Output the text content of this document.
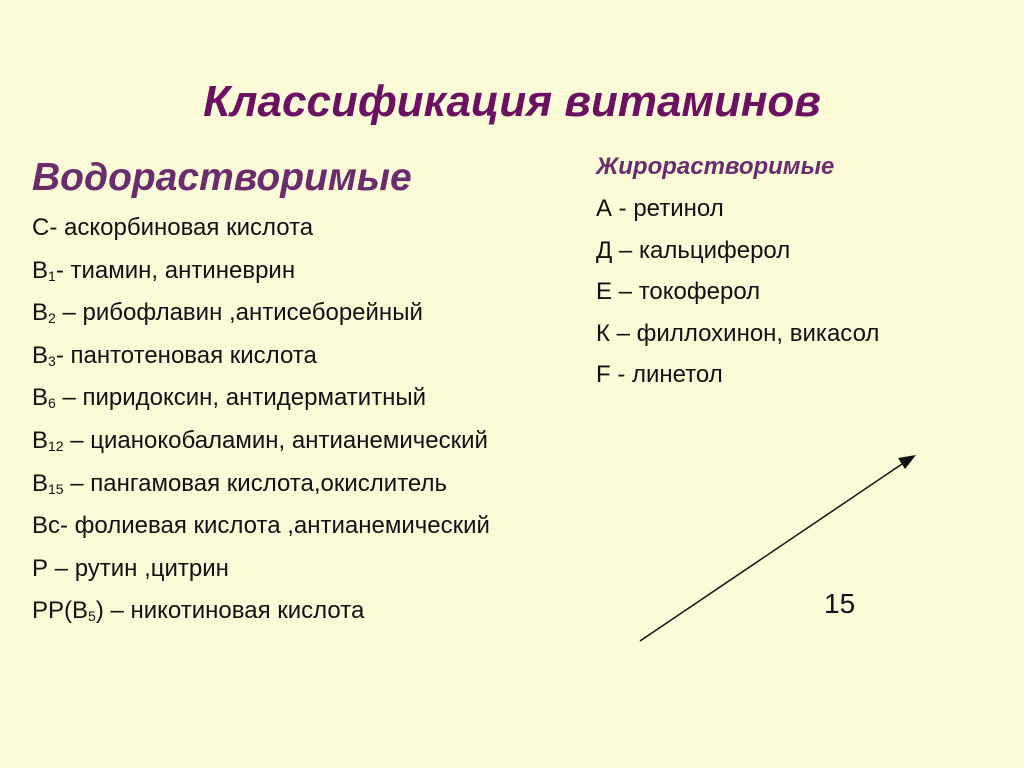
Классификация витаминов
Водорастворимые
C- аскорбиновая кислота
$B_1-$ тиамин, антиневрин
$B_2$ – рибофлавин ,антисеборейный
$B_3-$ пантотеновая кислота
$B_6$ – пиридоксин, антидерматитный
$B_{12}$ – цианокобаламин, антианемический
$B_{15}$ – пангамовая кислота,окислитель
Bc- фолиевая кислота ,антианемический
P – рутин ,цитрин
$PP(B_5)$ – никотиновая кислота
Жирорастворимые
А - ретинол
Д – кальциферол
Е – токоферол
К – филлохинон, викасол
F - линетол
15
